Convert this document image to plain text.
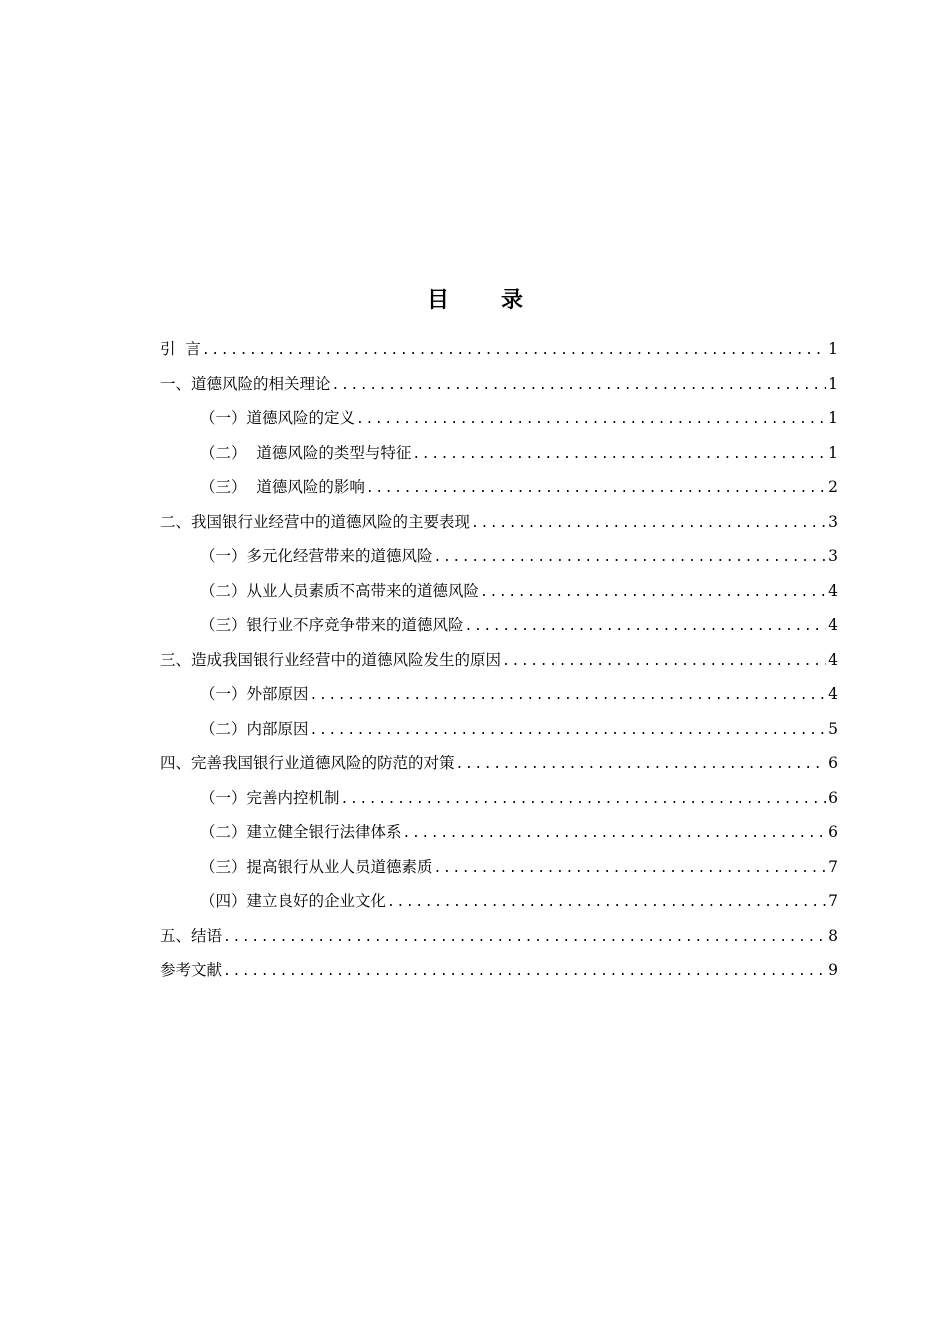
目 录
引  言 .....	1
一、道德风险的相关理论 .....	1
（一）道德风险的定义 .....	1
（二）  道德风险的类型与特征 .....	1
（三）  道德风险的影响 .....	2
二、我国银行业经营中的道德风险的主要表现 .....	3
（一）多元化经营带来的道德风险 .....	3
（二）从业人员素质不高带来的道德风险 .....	4
（三）银行业不序竞争带来的道德风险 .....	4
三、造成我国银行业经营中的道德风险发生的原因 .....	4
（一）外部原因 .....	4
（二）内部原因 .....	5
四、完善我国银行业道德风险的防范的对策 .....	6
（一）完善内控机制 .....	6
（二）建立健全银行法律体系 .....	6
（三）提高银行从业人员道德素质 .....	7
（四）建立良好的企业文化 .....	7
五、结语 .....	8
参考文献 .....	9
